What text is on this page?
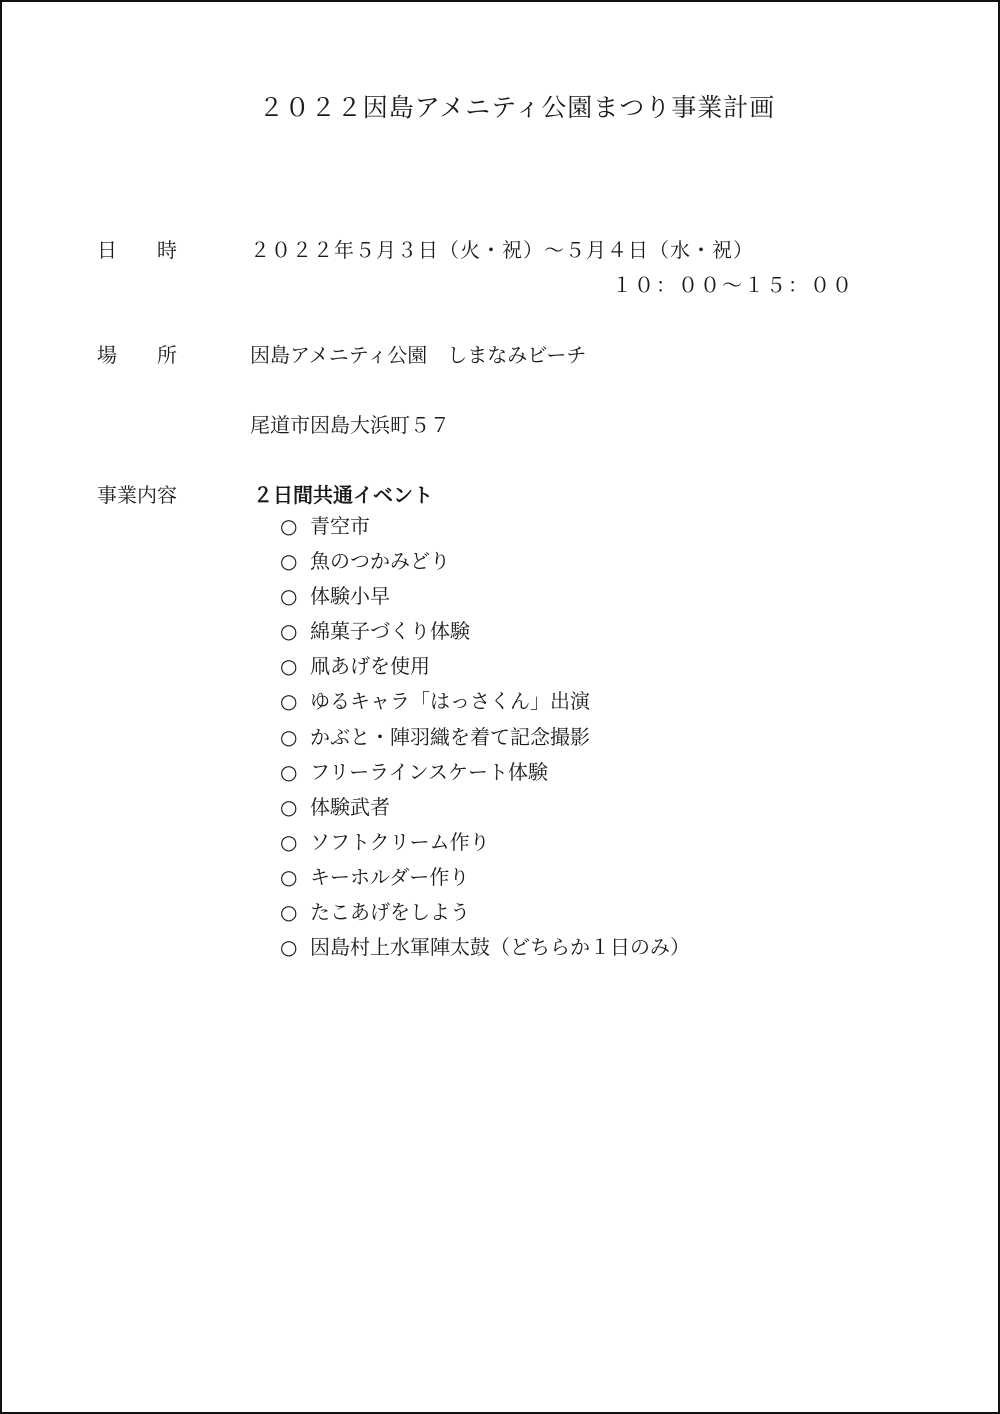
２０２２因島アメニティ公園まつり事業計画
日時 ２０２２年５月３日（火・祝）～５月４日（水・祝）
１０：００～１５：００
場所 因島アメニティ公園　しまなみビーチ
尾道市因島大浜町５７
事業内容	２日間共通イベント
○ 青空市
○ 魚のつかみどり
○ 体験小早
○ 綿菓子づくり体験
○ 凧あげを使用
○ ゆるキャラ「はっさくん」出演
○ かぶと・陣羽織を着て記念撮影
○ フリーラインスケート体験
○ 体験武者
○ ソフトクリーム作り
○ キーホルダー作り
○ たこあげをしよう
○ 因島村上水軍陣太鼓（どちらか１日のみ）
